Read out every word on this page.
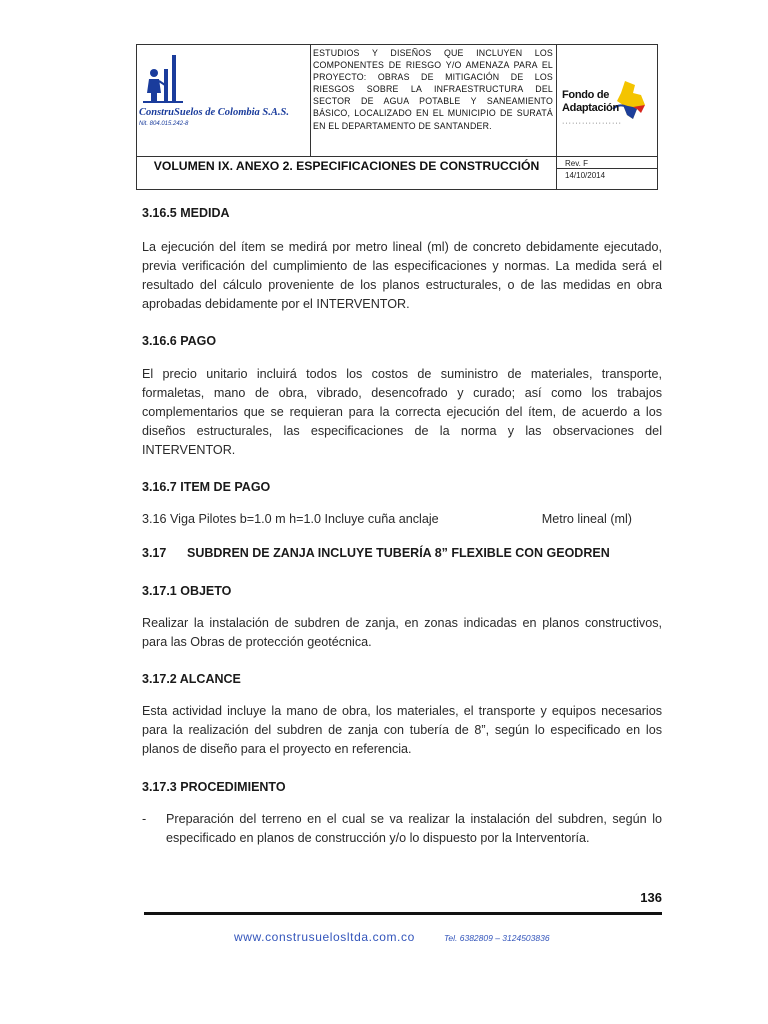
ConstruSuelos de Colombia S.A.S.
Nit. 804.015.242-8
ESTUDIOS Y DISEÑOS QUE INCLUYEN LOS COMPONENTES DE RIESGO Y/O AMENAZA PARA EL PROYECTO: OBRAS DE MITIGACIÓN DE LOS RIESGOS SOBRE LA INFRAESTRUCTURA DEL SECTOR DE AGUA POTABLE Y SANEAMIENTO BÁSICO, LOCALIZADO EN EL MUNICIPIO DE SURATÁ EN EL DEPARTAMENTO DE SANTANDER.
Fondo de
Adaptación
··················
VOLUMEN IX. ANEXO 2. ESPECIFICACIONES DE CONSTRUCCIÓN	Rev. F
14/10/2014

3.16.5 MEDIDA

La ejecución del ítem se medirá por metro lineal (ml) de concreto debidamente ejecutado, previa verificación del cumplimiento de las especificaciones y normas. La medida será el resultado del cálculo proveniente de los planos estructurales, o de las medidas en obra aprobadas debidamente por el INTERVENTOR.

3.16.6 PAGO

El precio unitario incluirá todos los costos de suministro de materiales, transporte, formaletas, mano de obra, vibrado, desencofrado y curado; así como los trabajos complementarios que se requieran para la correcta ejecución del ítem, de acuerdo a los diseños estructurales, las especificaciones de la norma y las observaciones del INTERVENTOR.

3.16.7 ITEM DE PAGO

3.16 Viga Pilotes b=1.0 m h=1.0 Incluye cuña anclaje	Metro lineal (ml)

3.17 SUBDREN DE ZANJA INCLUYE TUBERÍA 8” FLEXIBLE CON GEODREN

3.17.1 OBJETO

Realizar la instalación de subdren de zanja, en zonas indicadas en planos constructivos, para las Obras de protección geotécnica.

3.17.2 ALCANCE

Esta actividad incluye la mano de obra, los materiales, el transporte y equipos necesarios para la realización del subdren de zanja con tubería de 8”, según lo especificado en los planos de diseño para el proyecto en referencia.

3.17.3 PROCEDIMIENTO

-	Preparación del terreno en el cual se va realizar la instalación del subdren, según lo especificado en planos de construcción y/o lo dispuesto por la Interventoría.
136
www.construsuelosltda.com.co	Tel. 6382809 – 3124503836
